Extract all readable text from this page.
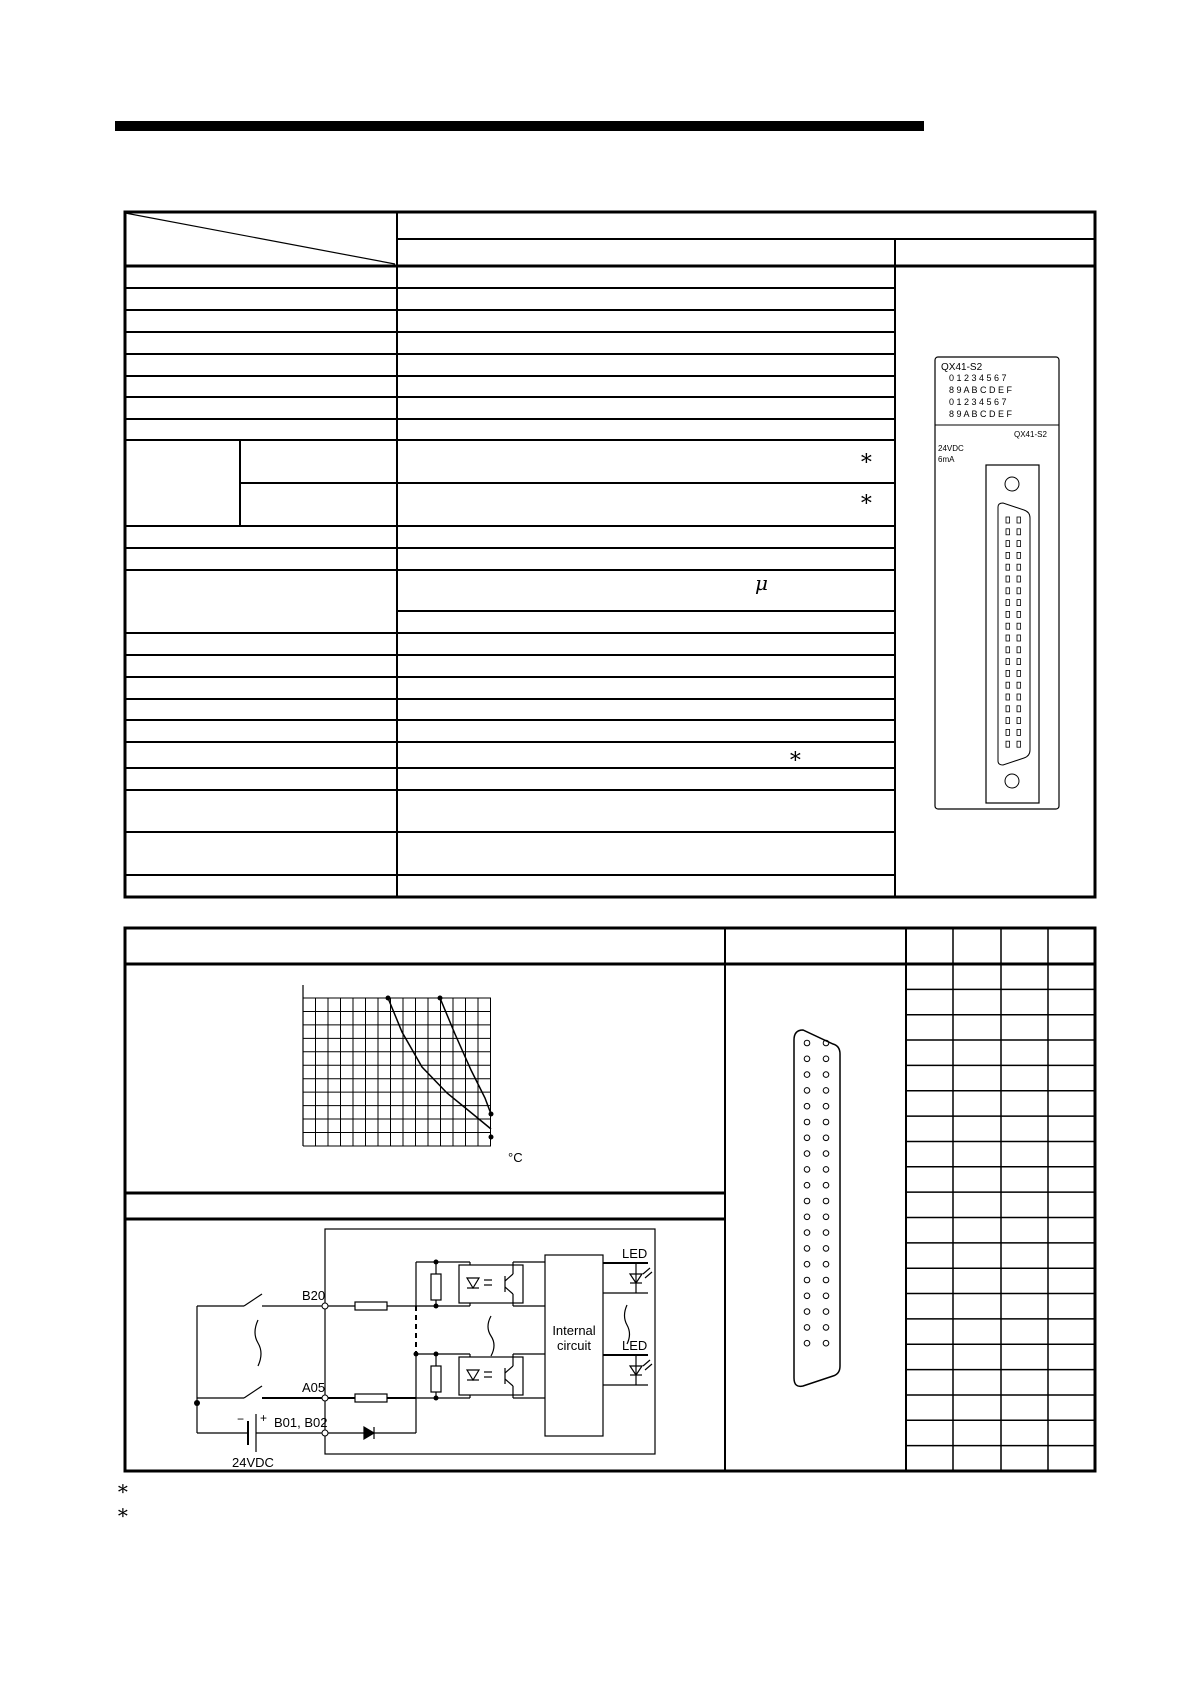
∗
∗
∗
μ
QX41-S2
0 1 2 3 4 5 6 7
8 9 A B C D E F
0 1 2 3 4 5 6 7
8 9 A B C D E F
QX41-S2
24VDC
6mA
°C
B20
A05
B01, B02
24VDC
− +
LED
LED
Internal
circuit
∗
∗
